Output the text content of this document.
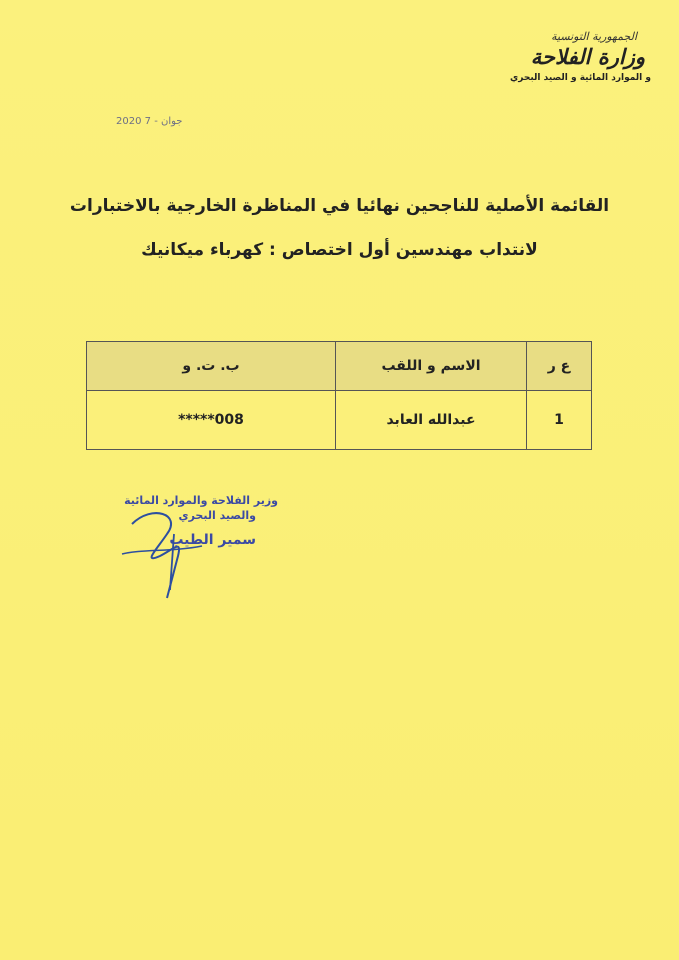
الجمهورية التونسية
وزارة الفلاحة
و الموارد المائية و الصيد البحري
2020 جوان - 7
القائمة الأصلية للناجحين نهائيا في المناظرة الخارجية بالاختبارات
لانتداب مهندسين أول اختصاص : كهرباء ميكانيك
ع ر	الاسم و اللقب	ب. ت. و
1	عبدالله العابد	*****008
وزير الفلاحة والموارد المائية
والصيد البحري
سمير الطيب
